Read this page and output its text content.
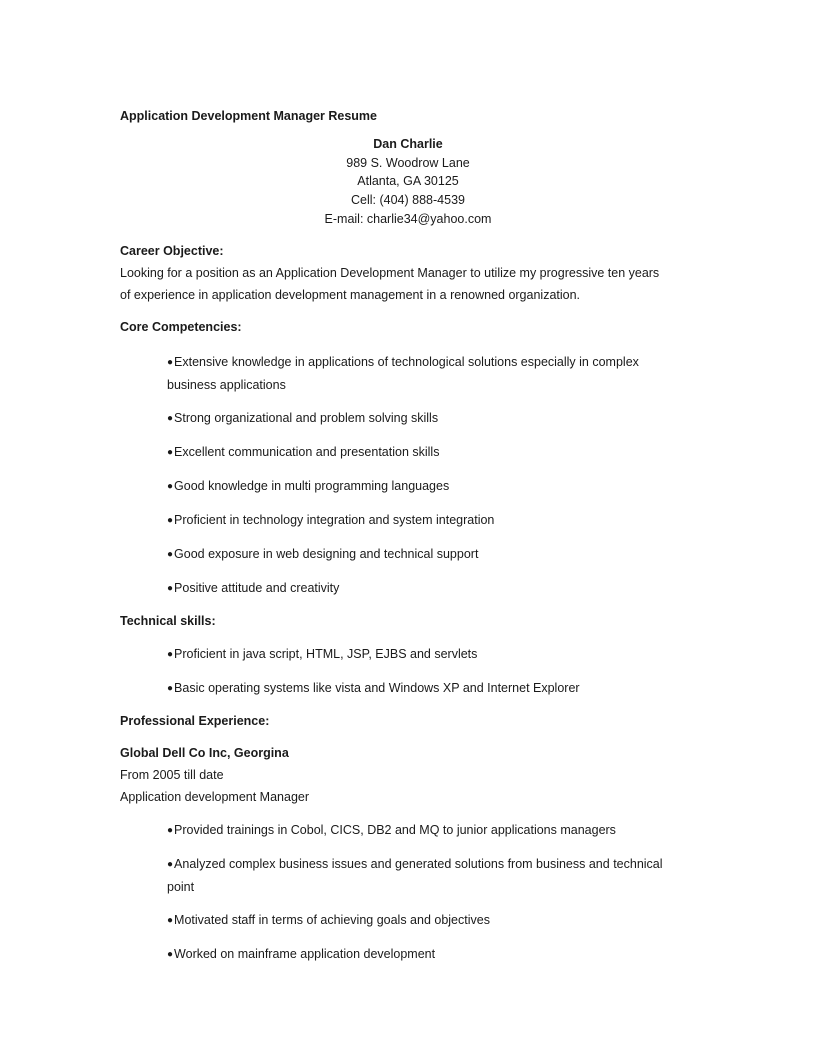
Application Development Manager Resume
Dan Charlie
989 S. Woodrow Lane
Atlanta, GA 30125
Cell: (404) 888-4539
E-mail: charlie34@yahoo.com
Career Objective:
Looking for a position as an Application Development Manager to utilize my progressive ten years
of experience in application development management in a renowned organization.
Core Competencies:
●Extensive knowledge in applications of technological solutions especially in complex
business applications
●Strong organizational and problem solving skills
●Excellent communication and presentation skills
●Good knowledge in multi programming languages
●Proficient in technology integration and system integration
●Good exposure in web designing and technical support
●Positive attitude and creativity
Technical skills:
●Proficient in java script, HTML, JSP, EJBS and servlets
●Basic operating systems like vista and Windows XP and Internet Explorer
Professional Experience:
Global Dell Co Inc, Georgina
From 2005 till date
Application development Manager
●Provided trainings in Cobol, CICS, DB2 and MQ to junior applications managers
●Analyzed complex business issues and generated solutions from business and technical
point
●Motivated staff in terms of achieving goals and objectives
●Worked on mainframe application development
